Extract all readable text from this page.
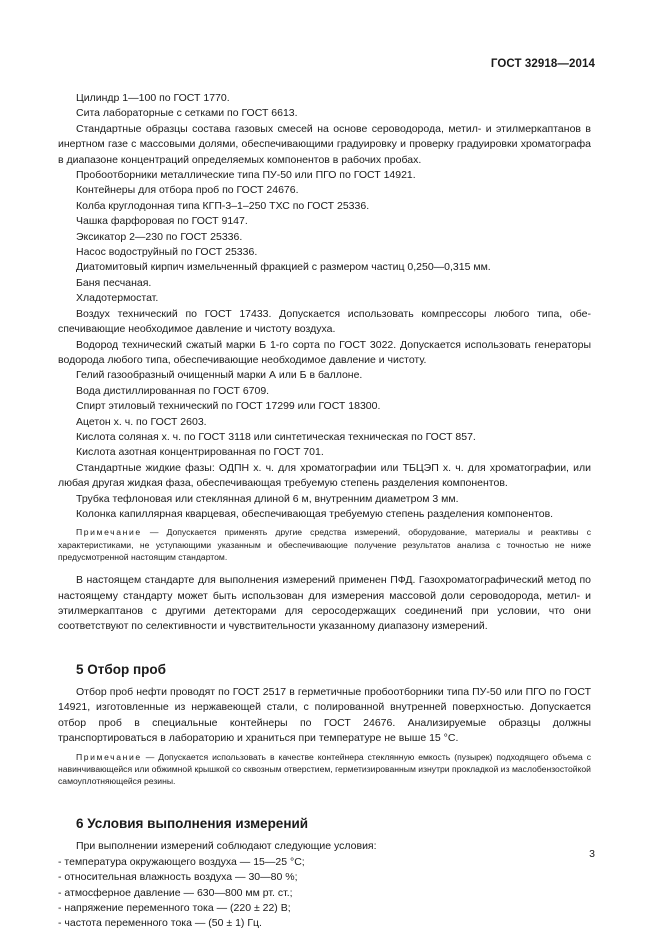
ГОСТ 32918—2014

Цилиндр 1—100 по ГОСТ 1770.

Сита лабораторные с сетками по ГОСТ 6613.

Стандартные образцы состава газовых смесей на основе сероводорода, метил- и этилмеркаптанов в инертном газе с массовыми долями, обеспечивающими градуировку и проверку градуировки хроматографа в диапазоне концентраций определяемых компонентов в рабочих пробах.

Пробоотборники металлические типа ПУ-50 или ПГО по ГОСТ 14921.

Контейнеры для отбора проб по ГОСТ 24676.

Колба круглодонная типа КГП-3–1–250 ТХС по ГОСТ 25336.

Чашка фарфоровая по ГОСТ 9147.

Эксикатор 2—230 по ГОСТ 25336.

Насос водоструйный по ГОСТ 25336.

Диатомитовый кирпич измельченный фракцией с размером частиц 0,250—0,315 мм.

Баня песчаная.

Хладотермостат.

Воздух технический по ГОСТ 17433. Допускается использовать компрессоры любого типа, обеспечивающие необходимое давление и чистоту воздуха.

Водород технический сжатый марки Б 1-го сорта по ГОСТ 3022. Допускается использовать генераторы водорода любого типа, обеспечивающие необходимое давление и чистоту.

Гелий газообразный очищенный марки А или Б в баллоне.

Вода дистиллированная по ГОСТ 6709.

Спирт этиловый технический по ГОСТ 17299 или ГОСТ 18300.

Ацетон х. ч. по ГОСТ 2603.

Кислота соляная х. ч. по ГОСТ 3118 или синтетическая техническая по ГОСТ 857.

Кислота азотная концентрированная по ГОСТ 701.

Стандартные жидкие фазы: ОДПН х. ч. для хроматографии или ТБЦЭП х. ч. для хроматографии, или любая другая жидкая фаза, обеспечивающая требуемую степень разделения компонентов.

Трубка тефлоновая или стеклянная длиной 6 м, внутренним диаметром 3 мм.

Колонка капиллярная кварцевая, обеспечивающая требуемую степень разделения компонентов.

Примечание — Допускается применять другие средства измерений, оборудование, материалы и реактивы с характеристиками, не уступающими указанным и обеспечивающие получение результатов анализа с точностью не ниже предусмотренной настоящим стандартом.

В настоящем стандарте для выполнения измерений применен ПФД. Газохроматографический метод по настоящему стандарту может быть использован для измерения массовой доли сероводорода, метил- и этилмеркаптанов с другими детекторами для серосодержащих соединений при условии, что они соответствуют по селективности и чувствительности указанному диапазону измерений.

5 Отбор проб

Отбор проб нефти проводят по ГОСТ 2517 в герметичные пробоотборники типа ПУ-50 или ПГО по ГОСТ 14921, изготовленные из нержавеющей стали, с полированной внутренней поверхностью. Допускается отбор проб в специальные контейнеры по ГОСТ 24676. Анализируемые образцы должны транспортироваться в лабораторию и храниться при температуре не выше 15 °С.

Примечание — Допускается использовать в качестве контейнера стеклянную емкость (пузырек) подходящего объема с навинчивающейся или обжимной крышкой со сквозным отверстием, герметизированным изнутри прокладкой из маслобензостойкой самоуплотняющейся резины.

6 Условия выполнения измерений

При выполнении измерений соблюдают следующие условия:

- температура окружающего воздуха — 15—25 °С;

- относительная влажность воздуха — 30—80 %;

- атмосферное давление — 630—800 мм рт. ст.;

- напряжение переменного тока — (220 ± 22) В;

- частота переменного тока — (50 ± 1) Гц.

3
